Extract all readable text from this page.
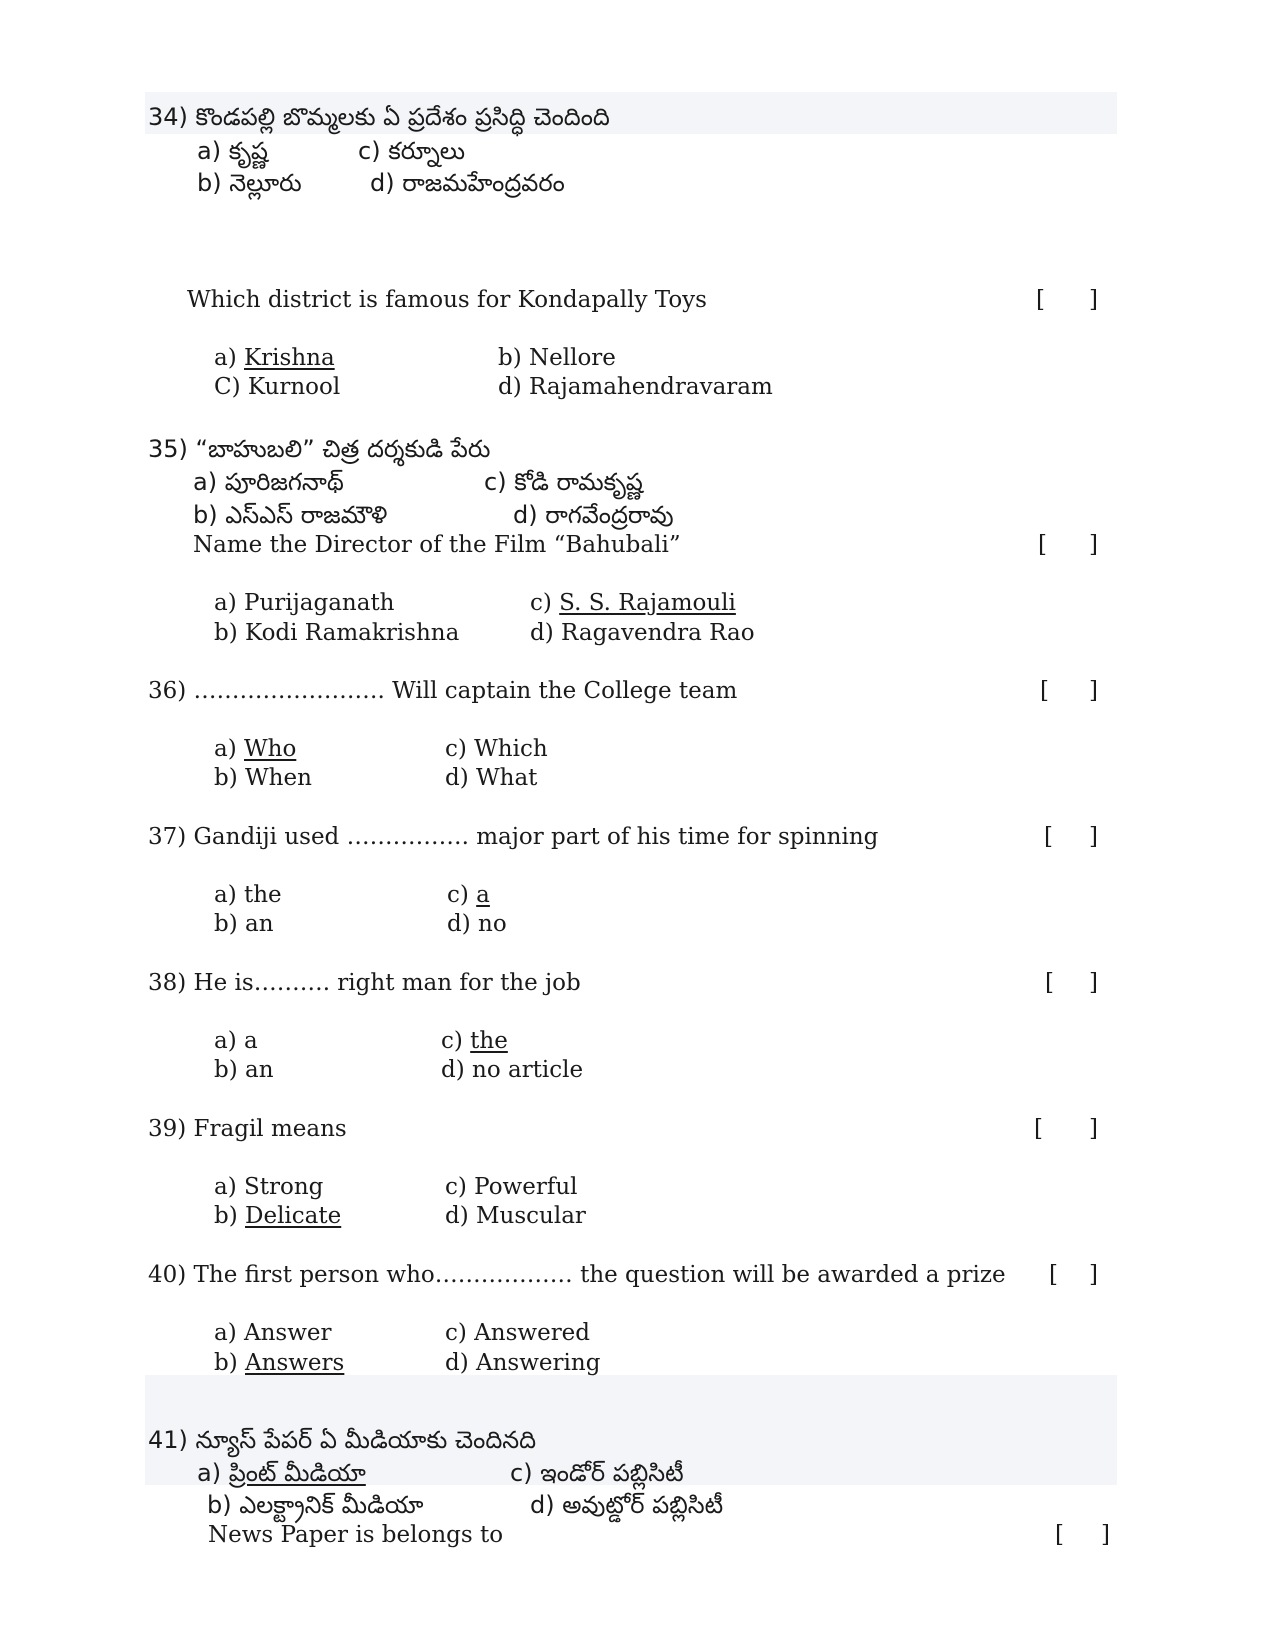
34) కొండపల్లి బొమ్మలకు ఏ ప్రదేశం ప్రసిద్ధి చెందింది
a) కృష్ణ	c) కర్నూలు
b) నెల్లూరు	d) రాజమహేంద్రవరం
Which district is famous for Kondapally Toys	[ ]
a) Krishna	b) Nellore
C) Kurnool	d) Rajamahendravaram
35) “బాహుబలి” చిత్ర దర్శకుడి పేరు
a) పూరిజగనాథ్	c) కోడి రామకృష్ణ
b) ఎస్ఎస్ రాజమౌళి	d) రాగవేంద్రరావు
Name the Director of the Film “Bahubali”	[ ]
a) Purijaganath	c) S. S. Rajamouli
b) Kodi Ramakrishna	d) Ragavendra Rao
36) ……………………. Will captain the College team	[ ]
a) Who	c) Which
b) When	d) What
37) Gandiji used ……………. major part of his time for spinning	[ ]
a) the	c) a
b) an	d) no
38) He is………. right man for the job	[ ]
a) a	c) the
b) an	d) no article
39) Fragil means	[ ]
a) Strong	c) Powerful
b) Delicate	d) Muscular
40) The first person who……………… the question will be awarded a prize [ ]
a) Answer	c) Answered
b) Answers	d) Answering
41) న్యూస్ పేపర్ ఏ మీడియాకు చెందినది
a) ప్రింట్ మీడియా	c) ఇండోర్ పబ్లిసిటీ
b) ఎలక్ట్రానిక్ మీడియా	d) అవుట్డోర్ పబ్లిసిటీ
News Paper is belongs to	[ ]
